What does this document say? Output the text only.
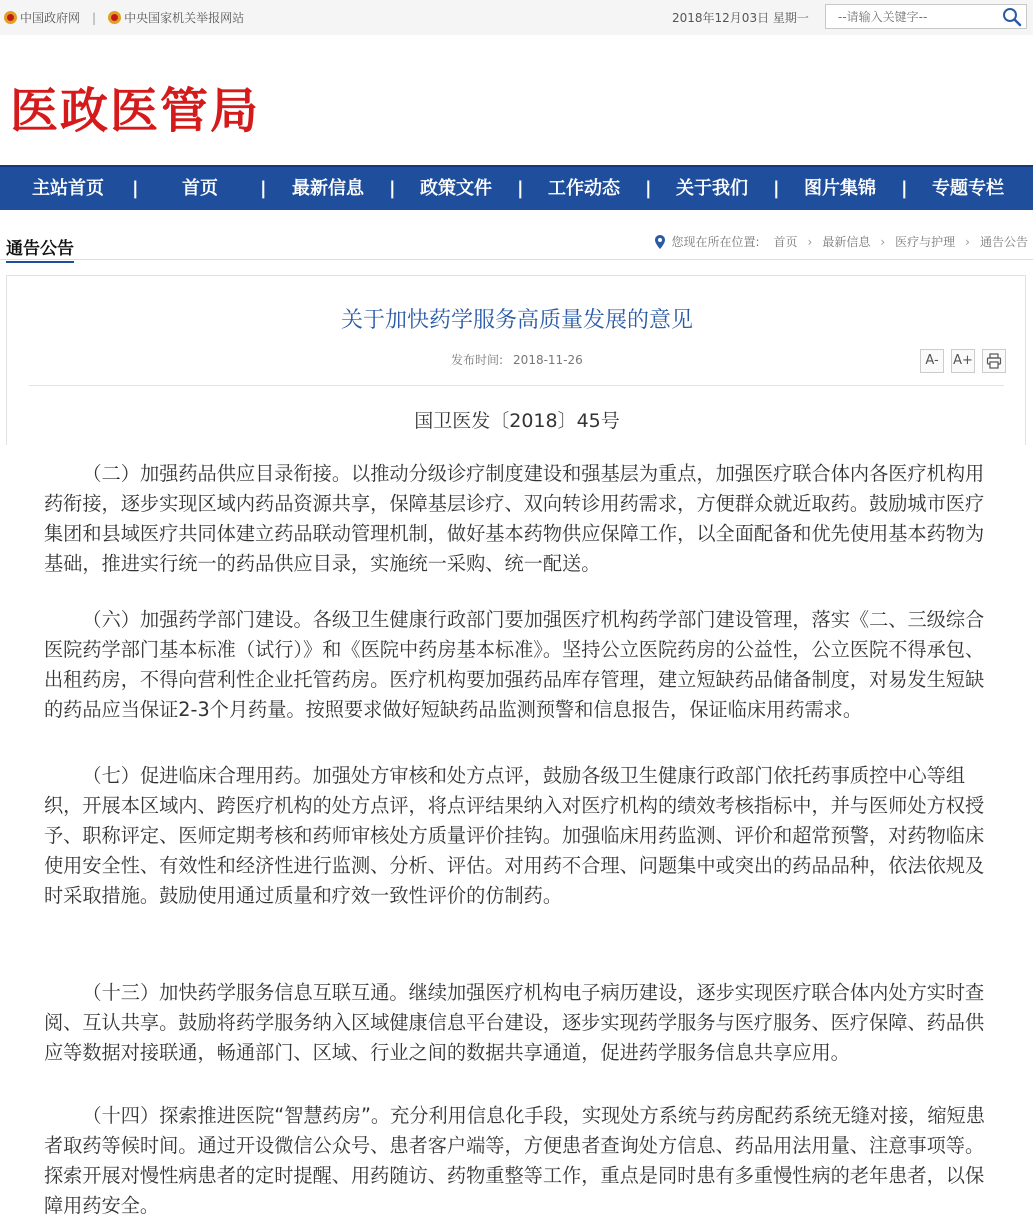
中国政府网 | 中央国家机关举报网站	2018年12月03日 星期一
--请输入关键字--
医政医管局
主站首页	|	首页	|	最新信息	|	政策文件	|	工作动态	|	关于我们	|	图片集锦	|	专题专栏
通告公告	您现在所在位置: 首页 › 最新信息 › 医疗与护理 › 通告公告
关于加快药学服务高质量发展的意见
发布时间: 2018-11-26	A-	A+
国卫医发〔2018〕45号

（二）加强药品供应目录衔接。以推动分级诊疗制度建设和强基层为重点，加强医疗联合体内各医疗机构用药衔接，逐步实现区域内药品资源共享，保障基层诊疗、双向转诊用药需求，方便群众就近取药。鼓励城市医疗集团和县域医疗共同体建立药品联动管理机制，做好基本药物供应保障工作，以全面配备和优先使用基本药物为基础，推进实行统一的药品供应目录，实施统一采购、统一配送。

（六）加强药学部门建设。各级卫生健康行政部门要加强医疗机构药学部门建设管理，落实《二、三级综合医院药学部门基本标准（试行）》和《医院中药房基本标准》。坚持公立医院药房的公益性，公立医院不得承包、出租药房，不得向营利性企业托管药房。医疗机构要加强药品库存管理，建立短缺药品储备制度，对易发生短缺的药品应当保证2-3个月药量。按照要求做好短缺药品监测预警和信息报告，保证临床用药需求。

（七）促进临床合理用药。加强处方审核和处方点评，鼓励各级卫生健康行政部门依托药事质控中心等组织，开展本区域内、跨医疗机构的处方点评，将点评结果纳入对医疗机构的绩效考核指标中，并与医师处方权授予、职称评定、医师定期考核和药师审核处方质量评价挂钩。加强临床用药监测、评价和超常预警，对药物临床使用安全性、有效性和经济性进行监测、分析、评估。对用药不合理、问题集中或突出的药品品种，依法依规及时采取措施。鼓励使用通过质量和疗效一致性评价的仿制药。

（十三）加快药学服务信息互联互通。继续加强医疗机构电子病历建设，逐步实现医疗联合体内处方实时查阅、互认共享。鼓励将药学服务纳入区域健康信息平台建设，逐步实现药学服务与医疗服务、医疗保障、药品供应等数据对接联通，畅通部门、区域、行业之间的数据共享通道，促进药学服务信息共享应用。

（十四）探索推进医院“智慧药房”。充分利用信息化手段，实现处方系统与药房配药系统无缝对接，缩短患者取药等候时间。通过开设微信公众号、患者客户端等，方便患者查询处方信息、药品用法用量、注意事项等。探索开展对慢性病患者的定时提醒、用药随访、药物重整等工作，重点是同时患有多重慢性病的老年患者，以保障用药安全。
